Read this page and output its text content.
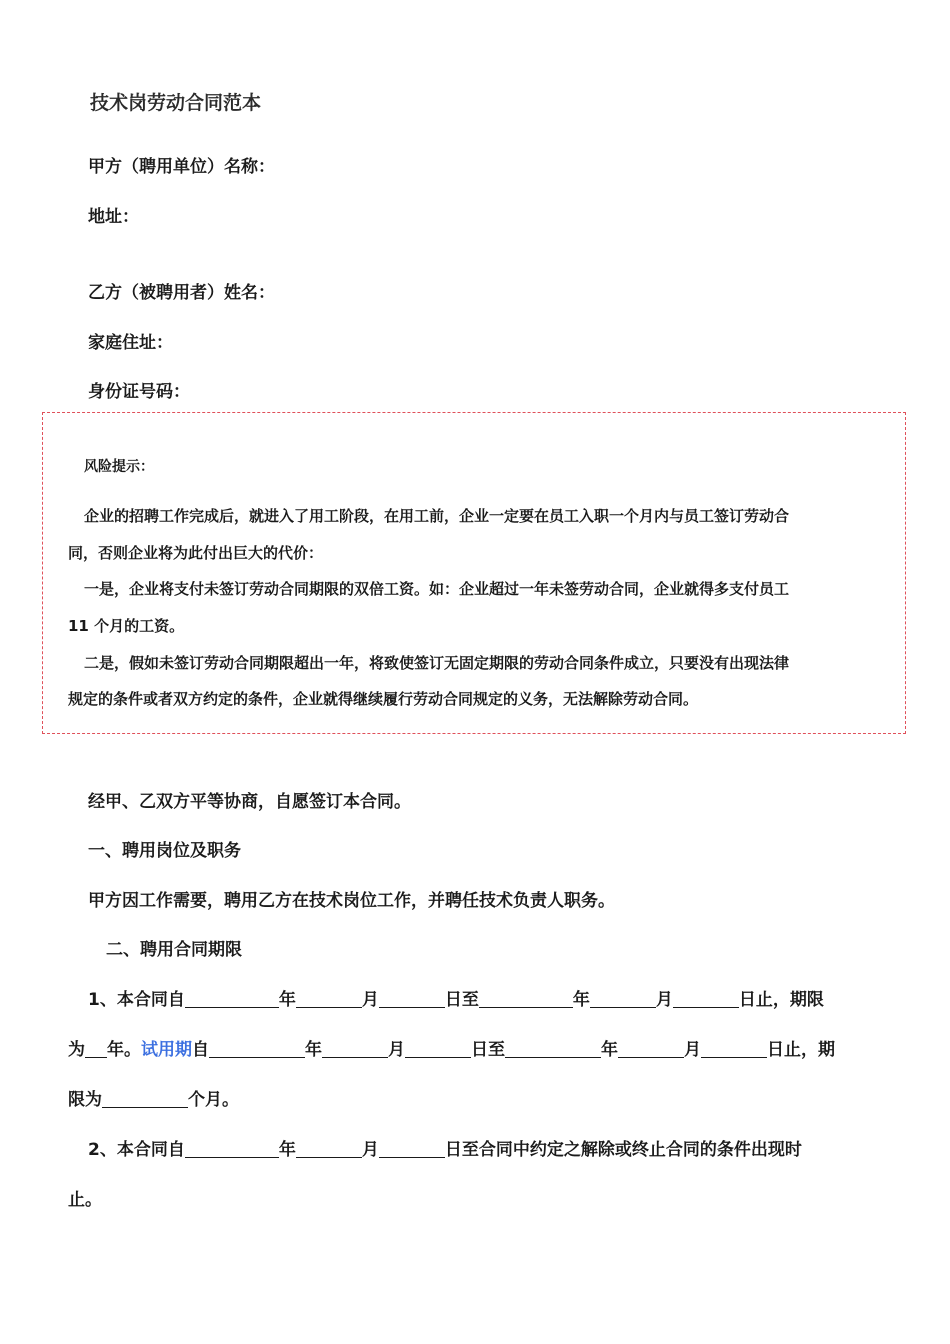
技术岗劳动合同范本
甲方（聘用单位）名称：
地址：
乙方（被聘用者）姓名：
家庭住址：
身份证号码：
风险提示：
企业的招聘工作完成后，就进入了用工阶段，在用工前，企业一定要在员工入职一个月内与员工签订劳动合
同，否则企业将为此付出巨大的代价：
一是，企业将支付未签订劳动合同期限的双倍工资。如：企业超过一年未签劳动合同，企业就得多支付员工
11 个月的工资。
二是，假如未签订劳动合同期限超出一年，将致使签订无固定期限的劳动合同条件成立，只要没有出现法律
规定的条件或者双方约定的条件，企业就得继续履行劳动合同规定的义务，无法解除劳动合同。
经甲、乙双方平等协商，自愿签订本合同。
一、聘用岗位及职务
甲方因工作需要，聘用乙方在技术岗位工作，并聘任技术负责人职务。
二、聘用合同期限
1、本合同自	年	月	日至	年	月	日止，期限
为 年。试用期自	年	月	日至	年	月	日止，期
限为	个月。
2、本合同自	年	月	日至合同中约定之解除或终止合同的条件出现时
止。
